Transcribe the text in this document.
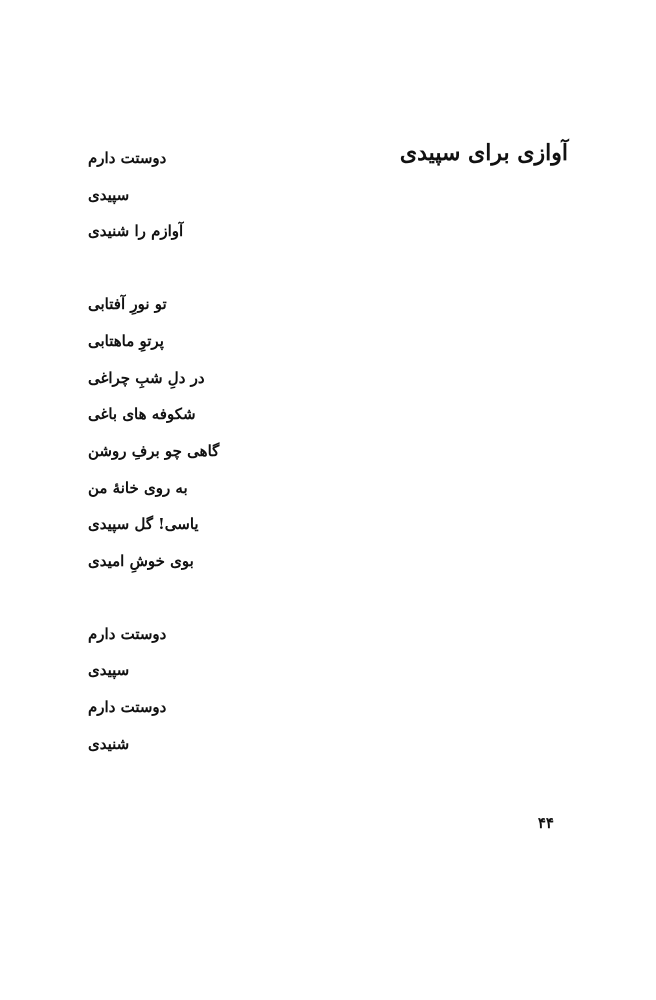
آوازی برای سپیدی
دوستت دارم
سپیدی
آوازم را شنیدی
تو نورِ آفتابی
پرتوِ ماهتابی
در دلِ شبِ چراغی
شکوفه های باغی
گاهی چو برفِ روشن
به روی خانۀ من
یاسی! گل سپیدی
بوی خوشِ امیدی
دوستت دارم
سپیدی
دوستت دارم
شنیدی
۴۴
